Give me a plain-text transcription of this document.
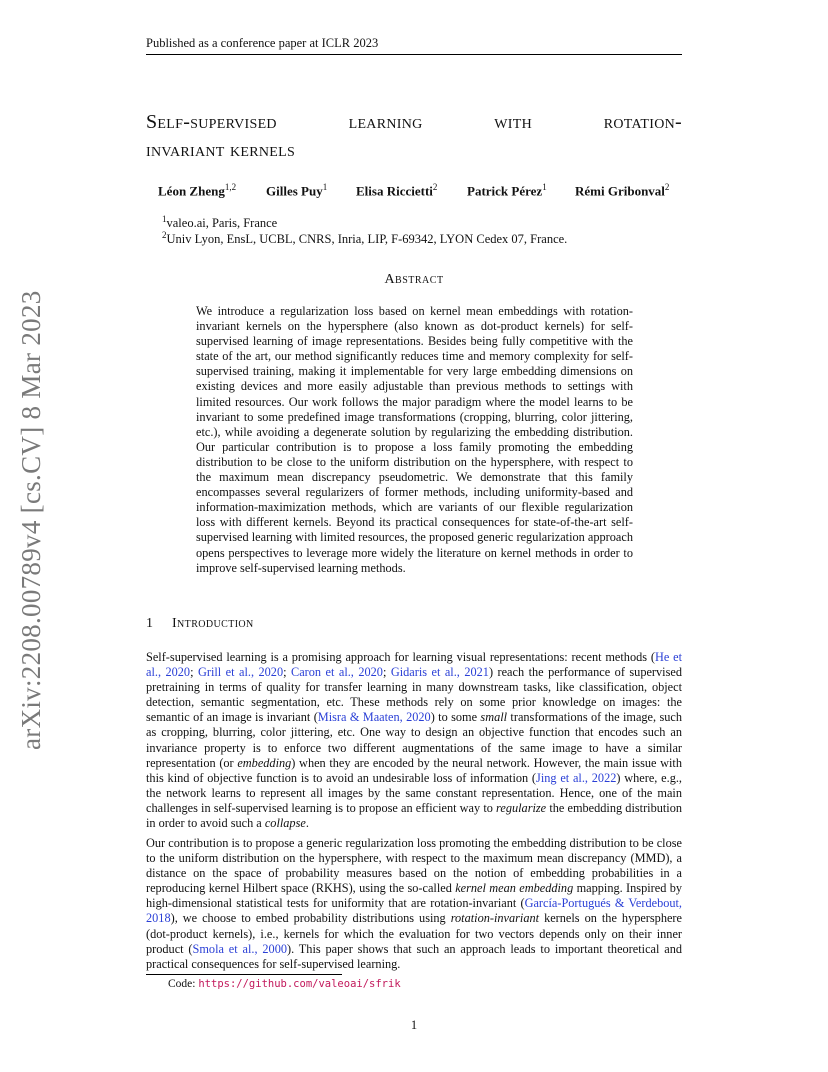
arXiv:2208.00789v4 [cs.CV] 8 Mar 2023
Published as a conference paper at ICLR 2023
Self-supervised learning with rotation-
invariant kernels
Léon Zheng$^{1,2}$ Gilles Puy$^1$ Elisa Riccietti$^2$ Patrick Pérez$^1$ Rémi Gribonval$^2$
$^1$valeo.ai, Paris, France
$^2$Univ Lyon, EnsL, UCBL, CNRS, Inria, LIP, F-69342, LYON Cedex 07, France.
Abstract
We introduce a regularization loss based on kernel mean embeddings with rotation-invariant kernels on the hypersphere (also known as dot-product kernels) for self-supervised learning of image representations. Besides being fully competitive with the state of the art, our method significantly reduces time and memory complexity for self-supervised training, making it implementable for very large embedding dimensions on existing devices and more easily adjustable than previous methods to settings with limited resources. Our work follows the major paradigm where the model learns to be invariant to some predefined image transformations (cropping, blurring, color jittering, etc.), while avoiding a degenerate solution by regularizing the embedding distribution. Our particular contribution is to propose a loss family promoting the embedding distribution to be close to the uniform distribution on the hypersphere, with respect to the maximum mean discrepancy pseudometric. We demonstrate that this family encompasses several regularizers of former methods, including uniformity-based and information-maximization methods, which are variants of our flexible regularization loss with different kernels. Beyond its practical consequences for state-of-the-art self-supervised learning with limited resources, the proposed generic regularization approach opens perspectives to leverage more widely the literature on kernel methods in order to improve self-supervised learning methods.
1 Introduction
Self-supervised learning is a promising approach for learning visual representations: recent methods (He et al., 2020; Grill et al., 2020; Caron et al., 2020; Gidaris et al., 2021) reach the performance of supervised pretraining in terms of quality for transfer learning in many downstream tasks, like classification, object detection, semantic segmentation, etc. These methods rely on some prior knowledge on images: the semantic of an image is invariant (Misra & Maaten, 2020) to some small transformations of the image, such as cropping, blurring, color jittering, etc. One way to design an objective function that encodes such an invariance property is to enforce two different augmentations of the same image to have a similar representation (or embedding) when they are encoded by the neural network. However, the main issue with this kind of objective function is to avoid an undesirable loss of information (Jing et al., 2022) where, e.g., the network learns to represent all images by the same constant representation. Hence, one of the main challenges in self-supervised learning is to propose an efficient way to regularize the embedding distribution in order to avoid such a collapse.
Our contribution is to propose a generic regularization loss promoting the embedding distribution to be close to the uniform distribution on the hypersphere, with respect to the maximum mean discrepancy (MMD), a distance on the space of probability measures based on the notion of embedding probabilities in a reproducing kernel Hilbert space (RKHS), using the so-called kernel mean embedding mapping. Inspired by high-dimensional statistical tests for uniformity that are rotation-invariant (García-Portugués & Verdebout, 2018), we choose to embed probability distributions using rotation-invariant kernels on the hypersphere (dot-product kernels), i.e., kernels for which the evaluation for two vectors depends only on their inner product (Smola et al., 2000). This paper shows that such an approach leads to important theoretical and practical consequences for self-supervised learning.
Code: https://github.com/valeoai/sfrik
1
